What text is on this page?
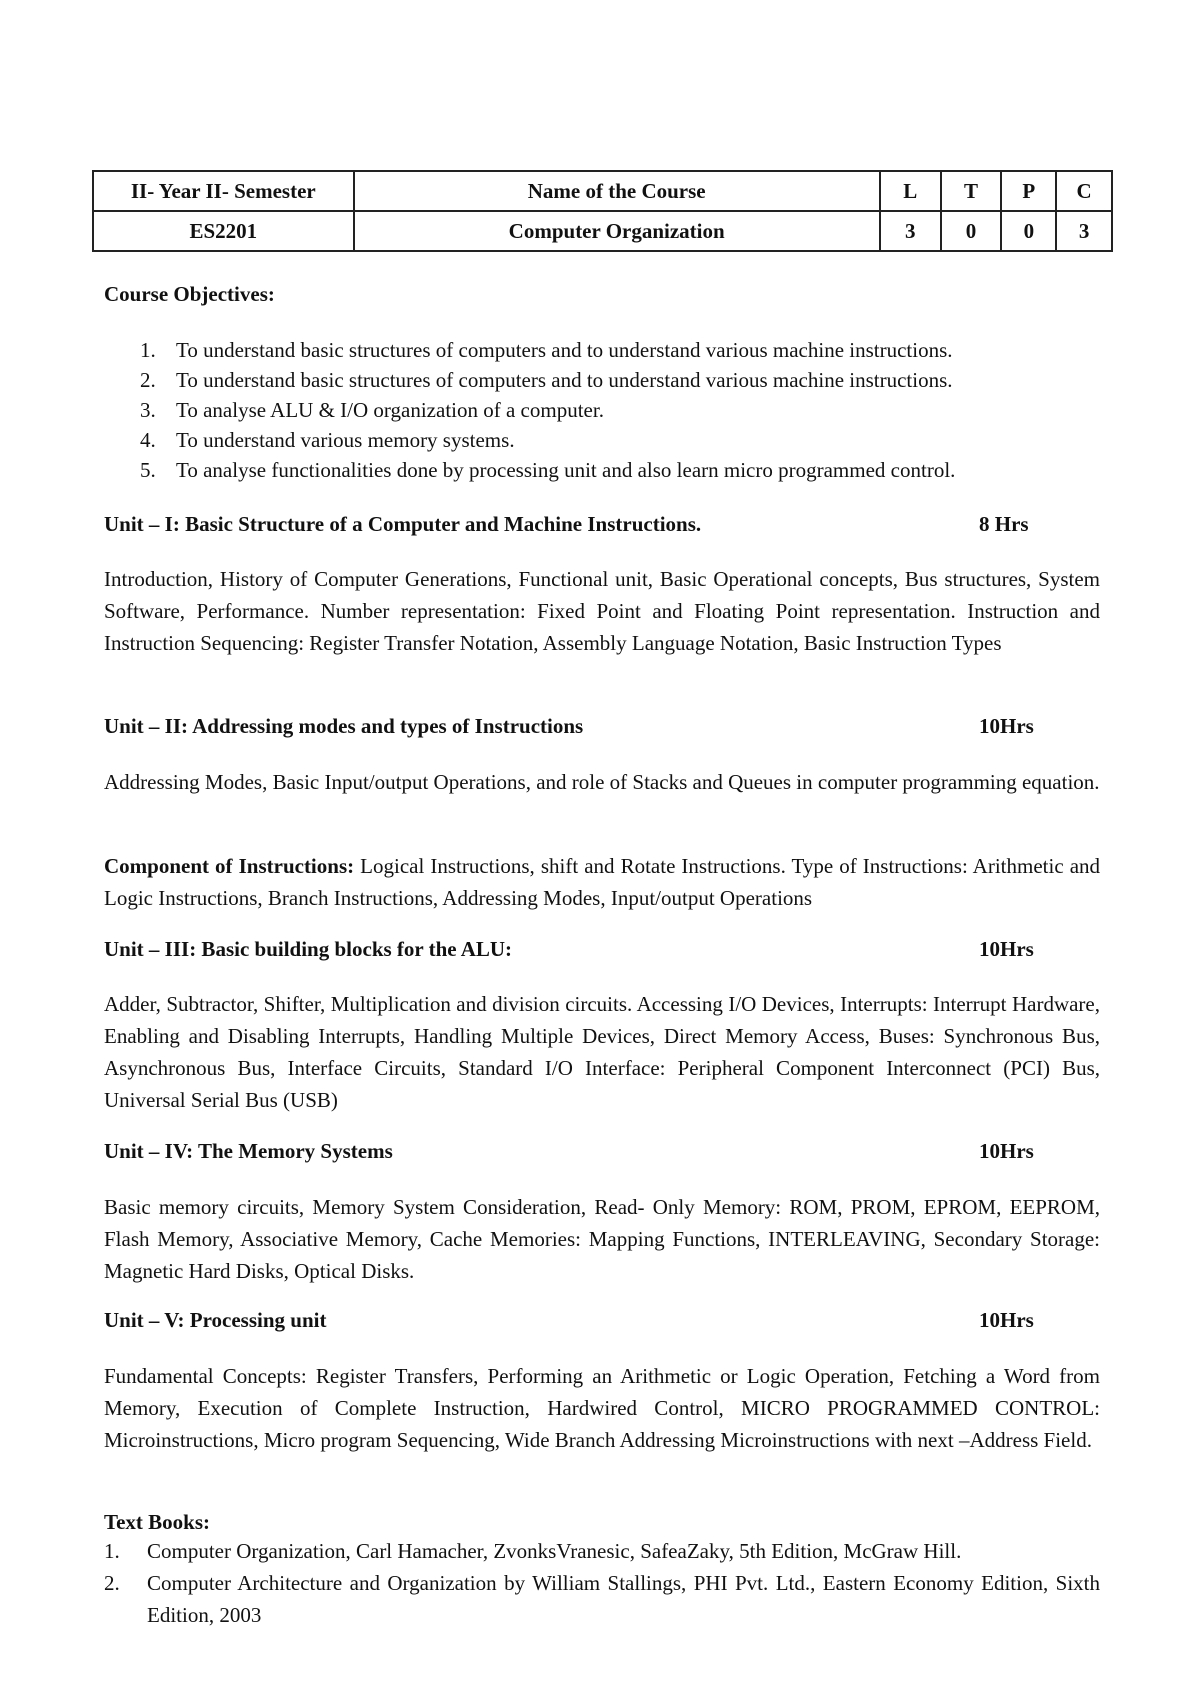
II- Year II- Semester	Name of the Course	L	T	P	C
ES2201	Computer Organization	3	0	0	3
Course Objectives:
1. To understand basic structures of computers and to understand various machine instructions.
2. To understand basic structures of computers and to understand various machine instructions.
3. To analyse ALU & I/O organization of a computer.
4. To understand various memory systems.
5. To analyse functionalities done by processing unit and also learn micro programmed control.
Unit – I: Basic Structure of a Computer and Machine Instructions.	8 Hrs
Introduction, History of Computer Generations, Functional unit, Basic Operational concepts, Bus structures, System Software, Performance. Number representation: Fixed Point and Floating Point representation. Instruction and Instruction Sequencing: Register Transfer Notation, Assembly Language Notation, Basic Instruction Types
Unit – II: Addressing modes and types of Instructions	10Hrs
Addressing Modes, Basic Input/output Operations, and role of Stacks and Queues in computer programming equation.
Component of Instructions: Logical Instructions, shift and Rotate Instructions. Type of Instructions: Arithmetic and Logic Instructions, Branch Instructions, Addressing Modes, Input/output Operations
Unit – III: Basic building blocks for the ALU:	10Hrs
Adder, Subtractor, Shifter, Multiplication and division circuits. Accessing I/O Devices, Interrupts: Interrupt Hardware, Enabling and Disabling Interrupts, Handling Multiple Devices, Direct Memory Access, Buses: Synchronous Bus, Asynchronous Bus, Interface Circuits, Standard I/O Interface: Peripheral Component Interconnect (PCI) Bus, Universal Serial Bus (USB)
Unit – IV: The Memory Systems	10Hrs
Basic memory circuits, Memory System Consideration, Read- Only Memory: ROM, PROM, EPROM, EEPROM, Flash Memory, Associative Memory, Cache Memories: Mapping Functions, INTERLEAVING, Secondary Storage: Magnetic Hard Disks, Optical Disks.
Unit – V: Processing unit	10Hrs
Fundamental Concepts: Register Transfers, Performing an Arithmetic or Logic Operation, Fetching a Word from Memory, Execution of Complete Instruction, Hardwired Control, MICRO PROGRAMMED CONTROL: Microinstructions, Micro program Sequencing, Wide Branch Addressing Microinstructions with next –Address Field.
Text Books:
1. Computer Organization, Carl Hamacher, ZvonksVranesic, SafeaZaky, 5th Edition, McGraw Hill.
2. Computer Architecture and Organization by William Stallings, PHI Pvt. Ltd., Eastern Economy Edition, Sixth Edition, 2003
